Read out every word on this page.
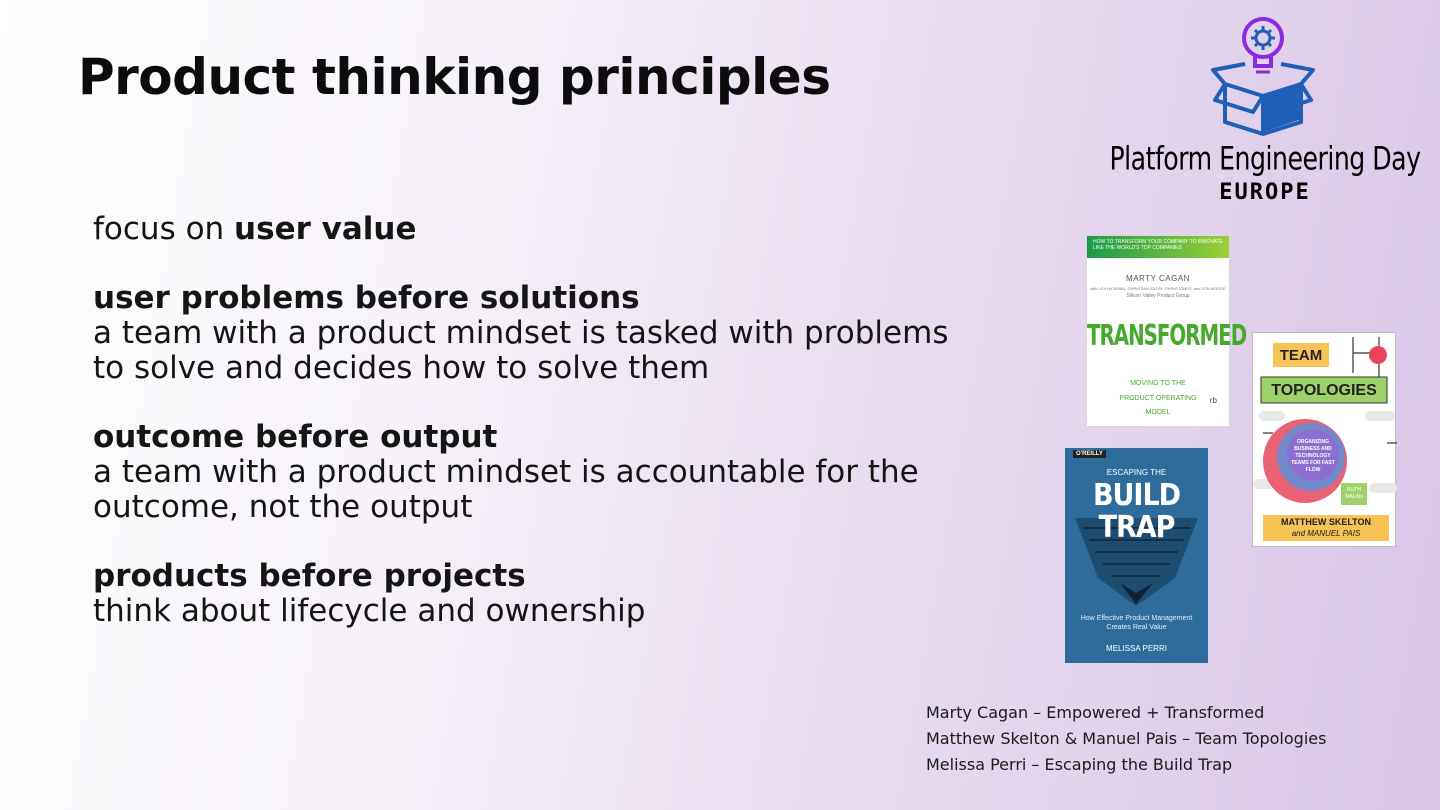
Product thinking principles
focus on user value
user problems before solutions
a team with a product mindset is tasked with problems
to solve and decides how to solve them
outcome before output
a team with a product mindset is accountable for the
outcome, not the output
products before projects
think about lifecycle and ownership
Platform Engineering Day
EUROPE
HOW TO TRANSFORM YOUR COMPANY TO INNOVATE LIKE THE WORLD'S TOP COMPANIES
MARTY CAGAN
with LEA HICKMAN, CHRISTIAN IDIODI, CHRIS JONES, and JON MOORE
Silicon Valley Product Group
TRANSFORMED
MOVING TO THE
PRODUCT OPERATING
MODEL
rb
O'REILLY
ESCAPING THE
BUILD
TRAP
How Effective Product Management
Creates Real Value
MELISSA PERRI
TEAM
TOPOLOGIES
ORGANIZING
BUSINESS AND
TECHNOLOGY
TEAMS FOR FAST
FLOW
RUTH
MALAN
MATTHEW SKELTON
and MANUEL PAIS
Marty Cagan – Empowered + Transformed
Matthew Skelton & Manuel Pais – Team Topologies
Melissa Perri – Escaping the Build Trap
